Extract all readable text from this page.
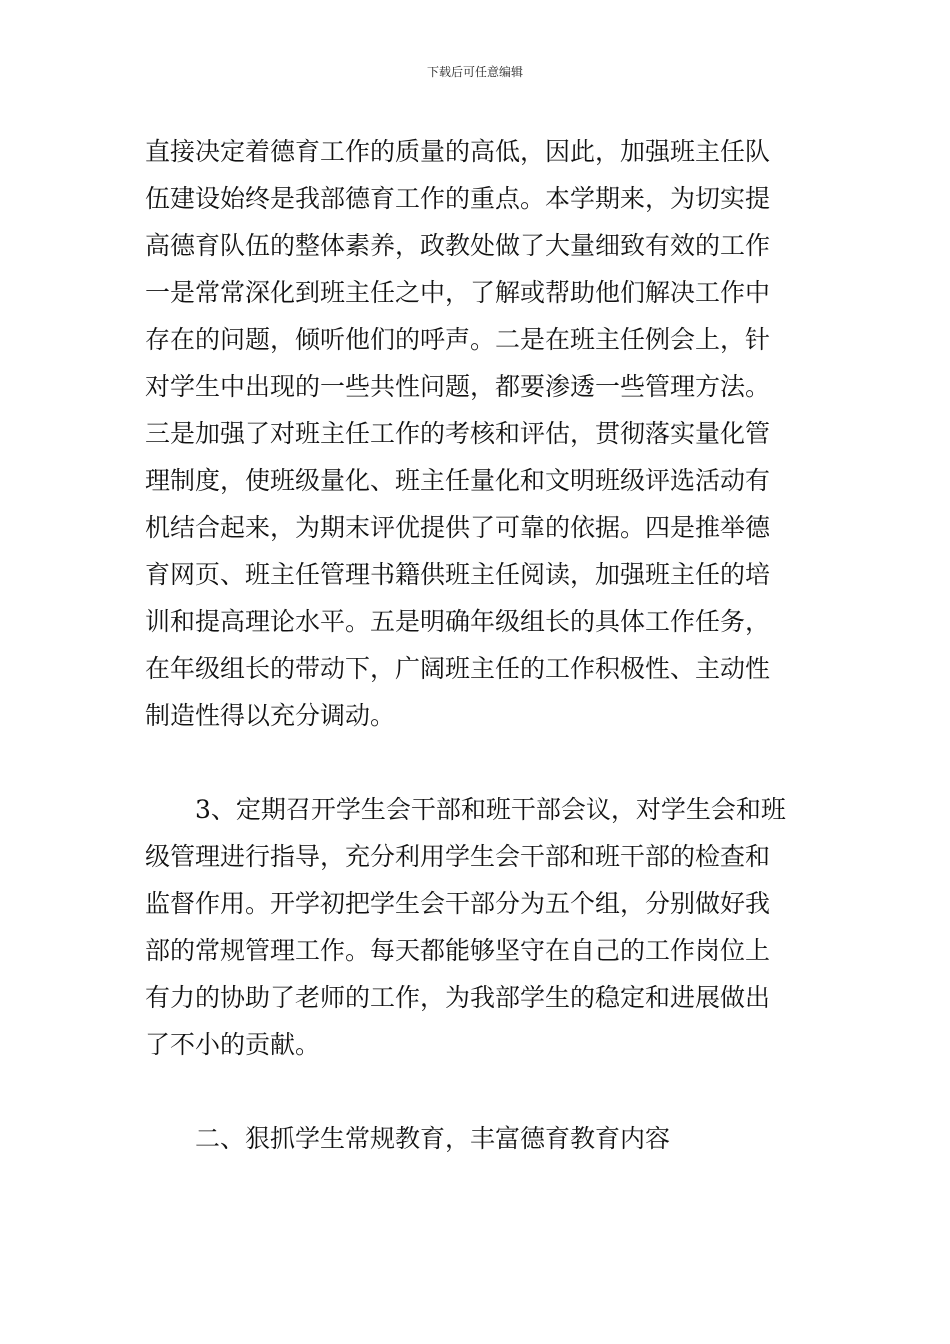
下载后可任意编辑
直接决定着德育工作的质量的高低，因此，加强班主任队
伍建设始终是我部德育工作的重点。本学期来，为切实提
高德育队伍的整体素养，政教处做了大量细致有效的工作
一是常常深化到班主任之中，了解或帮助他们解决工作中
存在的问题，倾听他们的呼声。二是在班主任例会上，针
对学生中出现的一些共性问题，都要渗透一些管理方法。
三是加强了对班主任工作的考核和评估，贯彻落实量化管
理制度，使班级量化、班主任量化和文明班级评选活动有
机结合起来，为期末评优提供了可靠的依据。四是推举德
育网页、班主任管理书籍供班主任阅读，加强班主任的培
训和提高理论水平。五是明确年级组长的具体工作任务，
在年级组长的带动下，广阔班主任的工作积极性、主动性
制造性得以充分调动。
3、定期召开学生会干部和班干部会议，对学生会和班
级管理进行指导，充分利用学生会干部和班干部的检查和
监督作用。开学初把学生会干部分为五个组，分别做好我
部的常规管理工作。每天都能够坚守在自己的工作岗位上
有力的协助了老师的工作，为我部学生的稳定和进展做出
了不小的贡献。
二、狠抓学生常规教育，丰富德育教育内容
